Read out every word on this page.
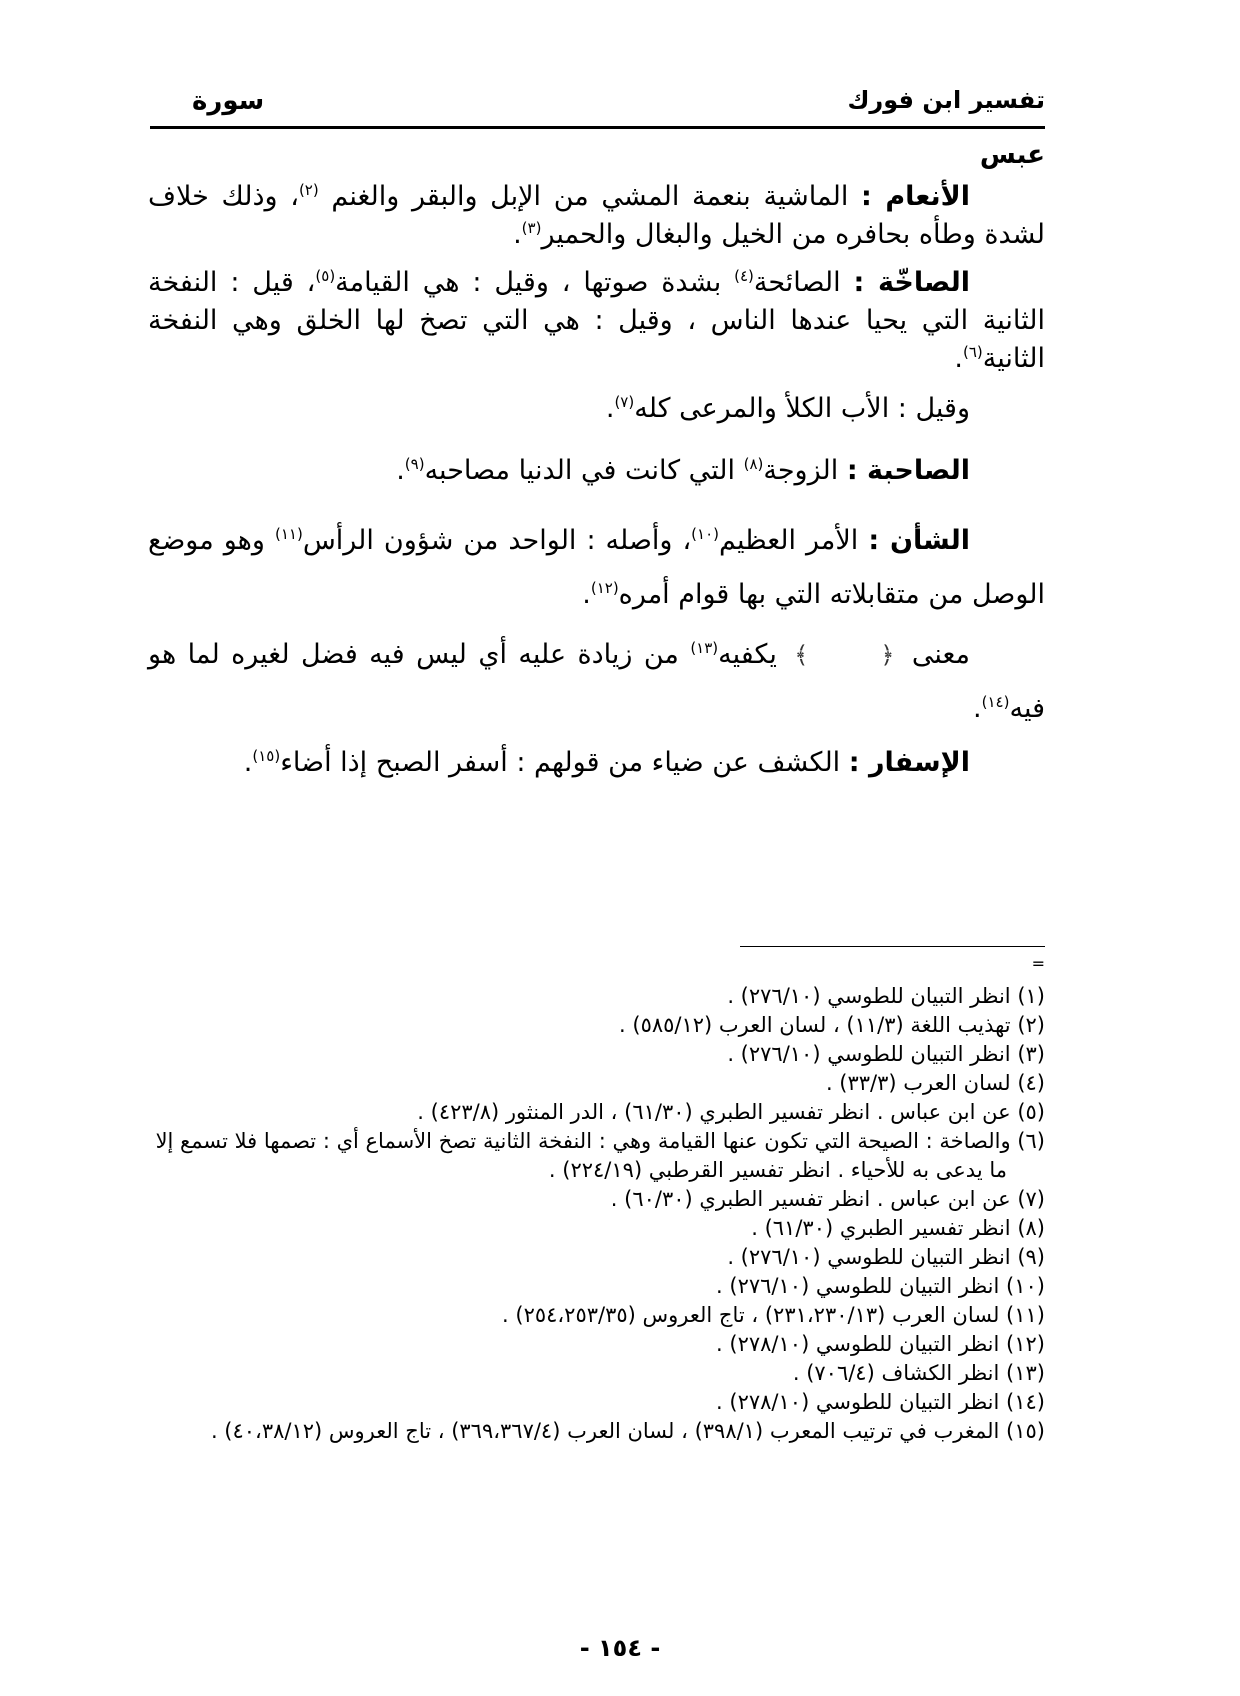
تفسير ابن فورك
سورة
عبس

الأنعام : الماشية بنعمة المشي من الإبل والبقر والغنم $^{(٢)}$، وذلك خلاف لشدة وطأه بحافره من الخيل والبغال والحمير$^{(٣)}$.

الصاخّة : الصائحة$^{(٤)}$ بشدة صوتها ، وقيل : هي القيامة$^{(٥)}$، قيل : النفخة الثانية التي يحيا عندها الناس ، وقيل : هي التي تصخ لها الخلق وهي النفخة الثانية$^{(٦)}$.

وقيل : الأب الكلأ والمرعى كله$^{(٧)}$.

الصاحبة : الزوجة$^{(٨)}$ التي كانت في الدنيا مصاحبه$^{(٩)}$.

الشأن : الأمر العظيم$^{(١٠)}$، وأصله : الواحد من شؤون الرأس$^{(١١)}$ وهو موضع الوصل من متقابلاته التي بها قوام أمره$^{(١٢)}$.

معنى ﴿﴾ يكفيه$^{(١٣)}$ من زيادة عليه أي ليس فيه فضل لغيره لما هو فيه$^{(١٤)}$.

الإسفار : الكشف عن ضياء من قولهم : أسفر الصبح إذا أضاء$^{(١٥)}$.

=

(١) انظر التبيان للطوسي (٢٧٦/١٠) .

(٢) تهذيب اللغة (١١/٣) ، لسان العرب (٥٨٥/١٢) .

(٣) انظر التبيان للطوسي (٢٧٦/١٠) .

(٤) لسان العرب (٣٣/٣) .

(٥) عن ابن عباس . انظر تفسير الطبري (٦١/٣٠) ، الدر المنثور (٤٢٣/٨) .

(٦) والصاخة : الصيحة التي تكون عنها القيامة وهي : النفخة الثانية تصخ الأسماع أي : تصمها فلا تسمع إلا ما يدعى به للأحياء . انظر تفسير القرطبي (٢٢٤/١٩) .

(٧) عن ابن عباس . انظر تفسير الطبري (٦٠/٣٠) .

(٨) انظر تفسير الطبري (٦١/٣٠) .

(٩) انظر التبيان للطوسي (٢٧٦/١٠) .

(١٠) انظر التبيان للطوسي (٢٧٦/١٠) .

(١١) لسان العرب (٢٣١،٢٣٠/١٣) ، تاج العروس (٢٥٤،٢٥٣/٣٥) .

(١٢) انظر التبيان للطوسي (٢٧٨/١٠) .

(١٣) انظر الكشاف (٧٠٦/٤) .

(١٤) انظر التبيان للطوسي (٢٧٨/١٠) .

(١٥) المغرب في ترتيب المعرب (٣٩٨/١) ، لسان العرب (٣٦٩،٣٦٧/٤) ، تاج العروس (٤٠،٣٨/١٢) .

- ١٥٤ -
